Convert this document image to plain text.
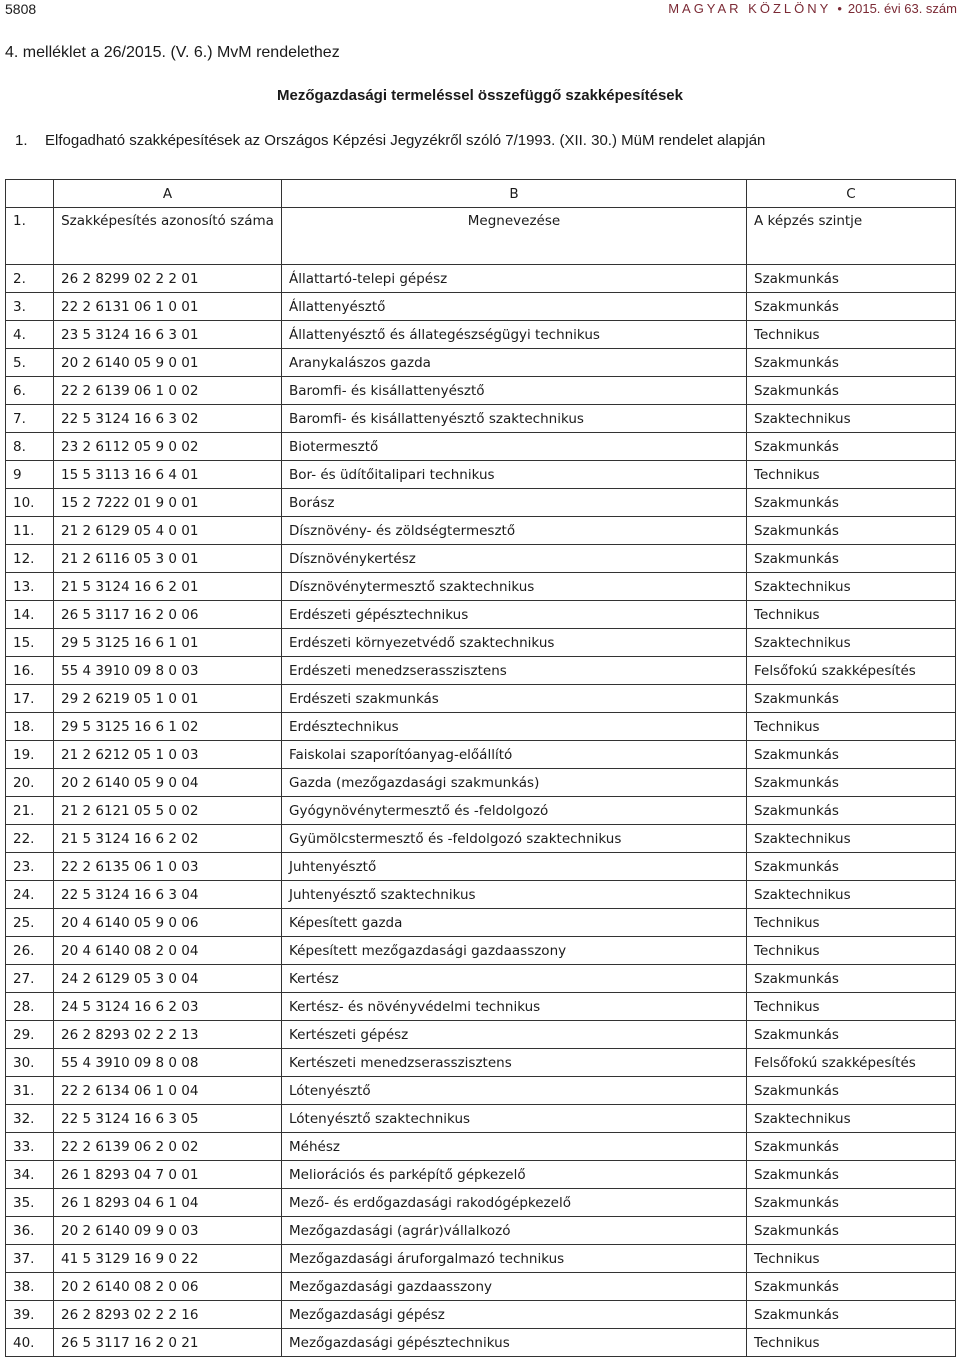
5808	MAGYAR KÖZLÖNY • 2015. évi 63. szám
4. melléklet a 26/2015. (V. 6.) MvM rendelethez
Mezőgazdasági termeléssel összefüggő szakképesítések
1. Elfogadható szakképesítések az Országos Képzési Jegyzékről szóló 7/1993. (XII. 30.) MüM rendelet alapján
	A	B	C
1.	Szakképesítés azonosító száma	Megnevezése	A képzés szintje
2.	26 2 8299 02 2 2 01	Állattartó-telepi gépész	Szakmunkás
3.	22 2 6131 06 1 0 01	Állattenyésztő	Szakmunkás
4.	23 5 3124 16 6 3 01	Állattenyésztő és állategészségügyi technikus	Technikus
5.	20 2 6140 05 9 0 01	Aranykalászos gazda	Szakmunkás
6.	22 2 6139 06 1 0 02	Baromfi- és kisállattenyésztő	Szakmunkás
7.	22 5 3124 16 6 3 02	Baromfi- és kisállattenyésztő szaktechnikus	Szaktechnikus
8.	23 2 6112 05 9 0 02	Biotermesztő	Szakmunkás
9	15 5 3113 16 6 4 01	Bor- és üdítőitalipari technikus	Technikus
10.	15 2 7222 01 9 0 01	Borász	Szakmunkás
11.	21 2 6129 05 4 0 01	Dísznövény- és zöldségtermesztő	Szakmunkás
12.	21 2 6116 05 3 0 01	Dísznövénykertész	Szakmunkás
13.	21 5 3124 16 6 2 01	Dísznövénytermesztő szaktechnikus	Szaktechnikus
14.	26 5 3117 16 2 0 06	Erdészeti gépésztechnikus	Technikus
15.	29 5 3125 16 6 1 01	Erdészeti környezetvédő szaktechnikus	Szaktechnikus
16.	55 4 3910 09 8 0 03	Erdészeti menedzserasszisztens	Felsőfokú szakképesítés
17.	29 2 6219 05 1 0 01	Erdészeti szakmunkás	Szakmunkás
18.	29 5 3125 16 6 1 02	Erdésztechnikus	Technikus
19.	21 2 6212 05 1 0 03	Faiskolai szaporítóanyag-előállító	Szakmunkás
20.	20 2 6140 05 9 0 04	Gazda (mezőgazdasági szakmunkás)	Szakmunkás
21.	21 2 6121 05 5 0 02	Gyógynövénytermesztő és -feldolgozó	Szakmunkás
22.	21 5 3124 16 6 2 02	Gyümölcstermesztő és -feldolgozó szaktechnikus	Szaktechnikus
23.	22 2 6135 06 1 0 03	Juhtenyésztő	Szakmunkás
24.	22 5 3124 16 6 3 04	Juhtenyésztő szaktechnikus	Szaktechnikus
25.	20 4 6140 05 9 0 06	Képesített gazda	Technikus
26.	20 4 6140 08 2 0 04	Képesített mezőgazdasági gazdaasszony	Technikus
27.	24 2 6129 05 3 0 04	Kertész	Szakmunkás
28.	24 5 3124 16 6 2 03	Kertész- és növényvédelmi technikus	Technikus
29.	26 2 8293 02 2 2 13	Kertészeti gépész	Szakmunkás
30.	55 4 3910 09 8 0 08	Kertészeti menedzserasszisztens	Felsőfokú szakképesítés
31.	22 2 6134 06 1 0 04	Lótenyésztő	Szakmunkás
32.	22 5 3124 16 6 3 05	Lótenyésztő szaktechnikus	Szaktechnikus
33.	22 2 6139 06 2 0 02	Méhész	Szakmunkás
34.	26 1 8293 04 7 0 01	Meliorációs és parképítő gépkezelő	Szakmunkás
35.	26 1 8293 04 6 1 04	Mező- és erdőgazdasági rakodógépkezelő	Szakmunkás
36.	20 2 6140 09 9 0 03	Mezőgazdasági (agrár)vállalkozó	Szakmunkás
37.	41 5 3129 16 9 0 22	Mezőgazdasági áruforgalmazó technikus	Technikus
38.	20 2 6140 08 2 0 06	Mezőgazdasági gazdaasszony	Szakmunkás
39.	26 2 8293 02 2 2 16	Mezőgazdasági gépész	Szakmunkás
40.	26 5 3117 16 2 0 21	Mezőgazdasági gépésztechnikus	Technikus
